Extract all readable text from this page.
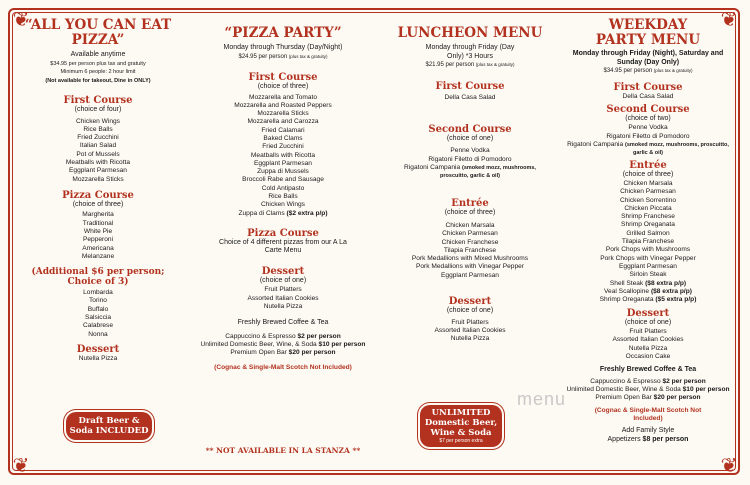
❦	❦
❦	❦
“ALL YOU CAN EAT PIZZA”
Available anytime
$34.95 per person plus tax and gratuity
Minimum 6 people: 2 hour limit
(Not available for takeout, Dine in ONLY)
First Course
(choice of four)
Chicken Wings
Rice Balls
Fried Zucchini
Italian Salad
Pot of Mussels
Meatballs with Ricotta
Eggplant Parmesan
Mozzarella Sticks
Pizza Course
(choice of three)
Margherita
Traditional
White Pie
Pepperoni
Americana
Melanzane
(Additional $6 per person; Choice of 3)
Lombarda
Torino
Buffalo
Salsiccia
Calabrese
Nonna
Dessert
Nutella Pizza
Draft Beer & Soda INCLUDED
“PIZZA PARTY”
Monday through Thursday (Day/Night)
$24.95 per person (plus tax & gratuity)
First Course
(choice of three)
Mozzarella and Tomato
Mozzarella and Roasted Peppers
Mozzarella Sticks
Mozzarella and Carozza
Fried Calamari
Baked Clams
Fried Zucchini
Meatballs with Ricotta
Eggplant Parmesan
Zuppa di Mussels
Broccoli Rabe and Sausage
Cold Antipasto
Rice Balls
Chicken Wings
Zuppa di Clams ($2 extra p/p)
Pizza Course
Choice of 4 different pizzas from our A La Carte Menu
Dessert
(choice of one)
Fruit Platters
Assorted Italian Cookies
Nutella Pizza
Freshly Brewed Coffee & Tea
Cappuccino & Espresso $2 per person
Unlimited Domestic Beer, Wine, & Soda $10 per person
Premium Open Bar $20 per person
(Cognac & Single-Malt Scotch Not Included)
** NOT AVAILABLE IN LA STANZA **
LUNCHEON MENU
Monday through Friday (Day Only) *3 Hours
$21.95 per person (plus tax & gratuity)
First Course
Della Casa Salad
Second Course
(choice of one)
Penne Vodka
Rigatoni Filetto di Pomodoro
Rigatoni Campania (smoked mozz, mushrooms, proscuitto, garlic & oil)
Entrée
(choice of three)
Chicken Marsala
Chicken Parmesan
Chicken Franchese
Tilapia Franchese
Pork Medallions with Mixed Mushrooms
Pork Medallions with Vinegar Pepper
Eggplant Parmesan
Dessert
(choice of one)
Fruit Platters
Assorted Italian Cookies
Nutella Pizza
UNLIMITED Domestic Beer, Wine & Soda
$7 per person extra
WEEKDAY PARTY MENU
Monday through Friday (Night), Saturday and Sunday (Day Only)
$34.95 per person (plus tax & gratuity)
First Course
Della Casa Salad
Second Course
(choice of two)
Penne Vodka
Rigatoni Filetto di Pomodoro
Rigatoni Campania (smoked mozz, mushrooms, proscuitto, garlic & oil)
Entrée
(choice of three)
Chicken Marsala
Chicken Parmesan
Chicken Sorrentino
Chicken Piccata
Shrimp Franchese
Shrimp Oreganata
Grilled Salmon
Tilapia Franchese
Pork Chops with Mushrooms
Pork Chops with Vinegar Pepper
Eggplant Parmesan
Sirloin Steak
Shell Steak ($8 extra p/p)
Veal Scallopine ($8 extra p/p)
Shrimp Oreganata ($5 extra p/p)
Dessert
(choice of one)
Fruit Platters
Assorted Italian Cookies
Nutella Pizza
Occasion Cake
Freshly Brewed Coffee & Tea
Cappuccino & Espresso $2 per person
Unlimited Domestic Beer, Wine & Soda $10 per person
Premium Open Bar $20 per person
(Cognac & Single-Malt Scotch Not Included)
Add Family Style
Appetizers $8 per person
menu
